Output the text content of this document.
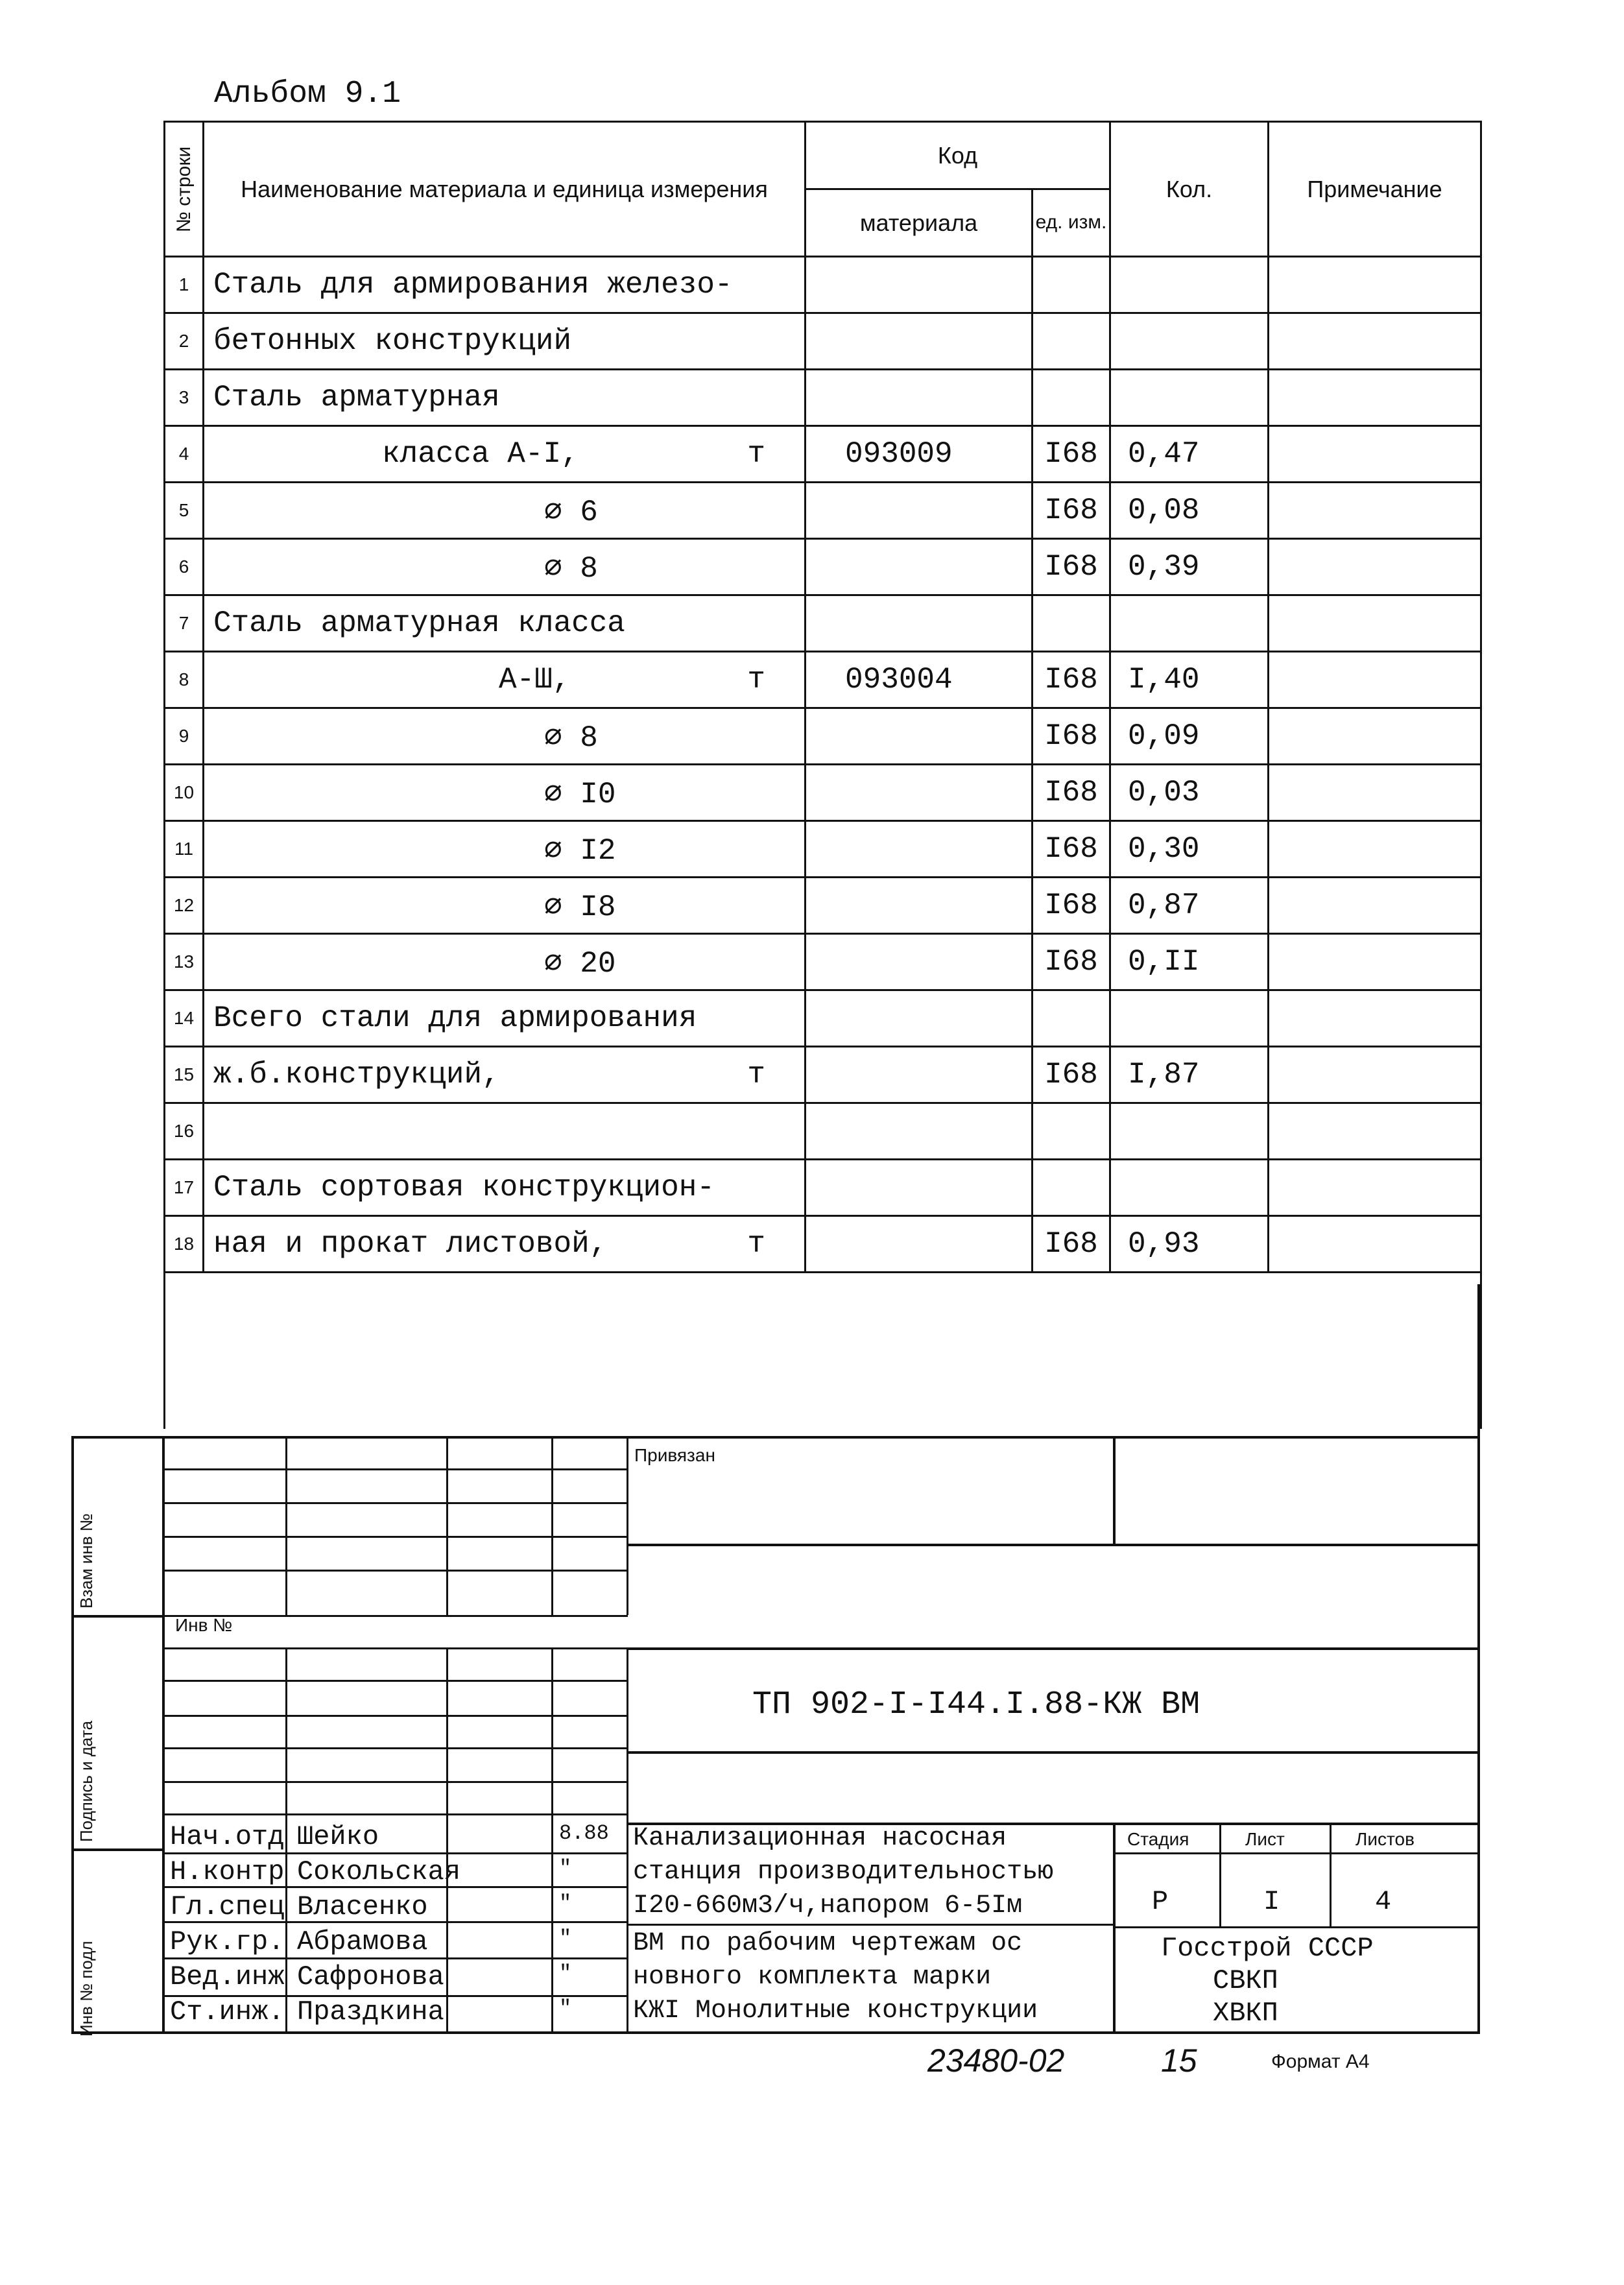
Альбом 9.1
№ строки	Наименование материала и единица измерения	Код		Кол.	Примечание
		материала	ед. изм.		
1	Сталь для армирования железо-

2	бетонных конструкций

3	Сталь арматурная

4	класса А-I, т	093009	I68	0,47	
5	⌀ 6		I68	0,08	
6	⌀ 8		I68	0,39	
7	Сталь арматурная класса

8	А-Ш, т	093004	I68	I,40	
9	⌀ 8		I68	0,09	
10	⌀ I0		I68	0,03	
11	⌀ I2		I68	0,30	
12	⌀ I8		I68	0,87	
13	⌀ 20		I68	0,II	
14	Всего стали для армирования

15	ж.б.конструкций, т		I68	I,87	
16	

17	Сталь сортовая конструкцион-

18	ная и прокат листовой, т		I68	0,93	

Привязан
Инв №
ТП 902-I-I44.I.88-КЖ ВМ
Взам инв №
Подпись и дата
Инв № подл
Нач.отд Шейко	8.88
Н.контр Сокольская	"
Гл.спец Власенко	"
Рук.гр. Абрамова	"
Вед.инж Сафронова	"
Ст.инж. Праздкина	"
Канализационная насосная
станция производительностью
I20-660м3/ч,напором 6-5Iм
ВМ по рабочим чертежам ос
новного комплекта марки
КЖI Монолитные конструкции
Стадия	Лист	Листов
Р	I	4
Госстрой СССР
СВКП
ХВКП
23480-02	15	Формат А4
